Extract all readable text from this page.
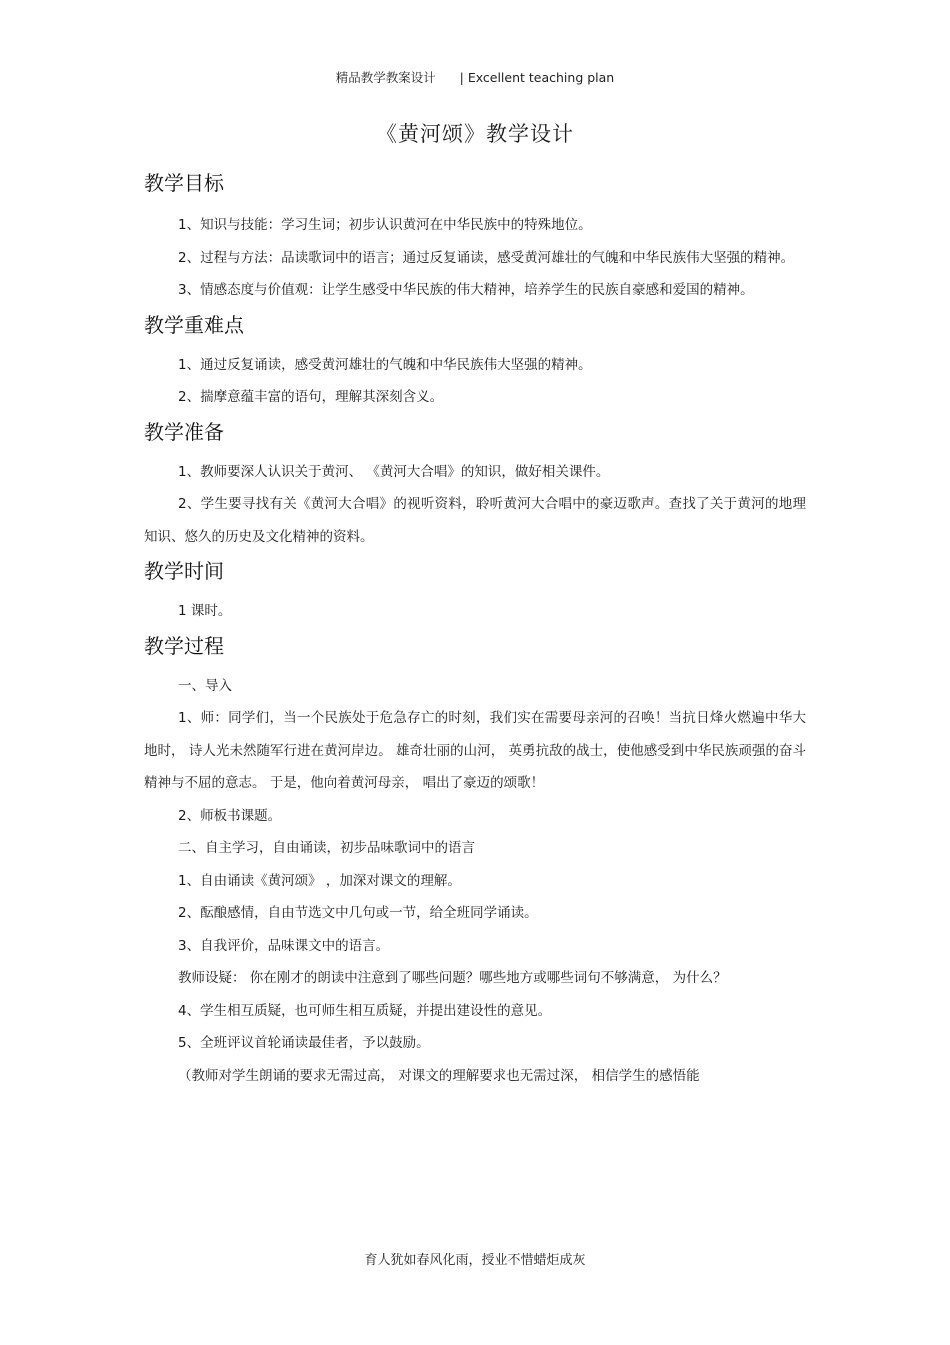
精品教学教案设计 | Excellent teaching plan
《黄河颂》教学设计
教学目标

1、知识与技能：学习生词；初步认识黄河在中华民族中的特殊地位。

2、过程与方法：品读歌词中的语言；通过反复诵读，感受黄河雄壮的气魄和中华民族伟大坚强的精神。

3、情感态度与价值观：让学生感受中华民族的伟大精神，培养学生的民族自豪感和爱国的精神。

教学重难点

1、通过反复诵读，感受黄河雄壮的气魄和中华民族伟大坚强的精神。

2、揣摩意蕴丰富的语句，理解其深刻含义。

教学准备

1、教师要深人认识关于黄河、 《黄河大合唱》的知识，做好相关课件。

2、学生要寻找有关《黄河大合唱》的视听资料，聆听黄河大合唱中的豪迈歌声。查找了关于黄河的地理知识、悠久的历史及文化精神的资料。

教学时间

1 课时。

教学过程

一、导入

1、师：同学们，当一个民族处于危急存亡的时刻，我们实在需要母亲河的召唤！当抗日烽火燃遍中华大地时， 诗人光未然随军行进在黄河岸边。 雄奇壮丽的山河， 英勇抗敌的战士，使他感受到中华民族顽强的奋斗精神与不屈的意志。 于是，他向着黄河母亲， 唱出了豪迈的颂歌！

2、师板书课题。

二、自主学习，自由诵读，初步品味歌词中的语言

1、自由诵读《黄河颂》 ，加深对课文的理解。

2、酝酿感情，自由节选文中几句或一节，给全班同学诵读。

3、自我评价，品味课文中的语言。

教师设疑： 你在刚才的朗读中注意到了哪些问题？哪些地方或哪些词句不够满意， 为什么？

4、学生相互质疑，也可师生相互质疑，并提出建设性的意见。

5、全班评议首轮诵读最佳者，予以鼓励。

（教师对学生朗诵的要求无需过高， 对课文的理解要求也无需过深， 相信学生的感悟能

育人犹如春风化雨，授业不惜蜡炬成灰
